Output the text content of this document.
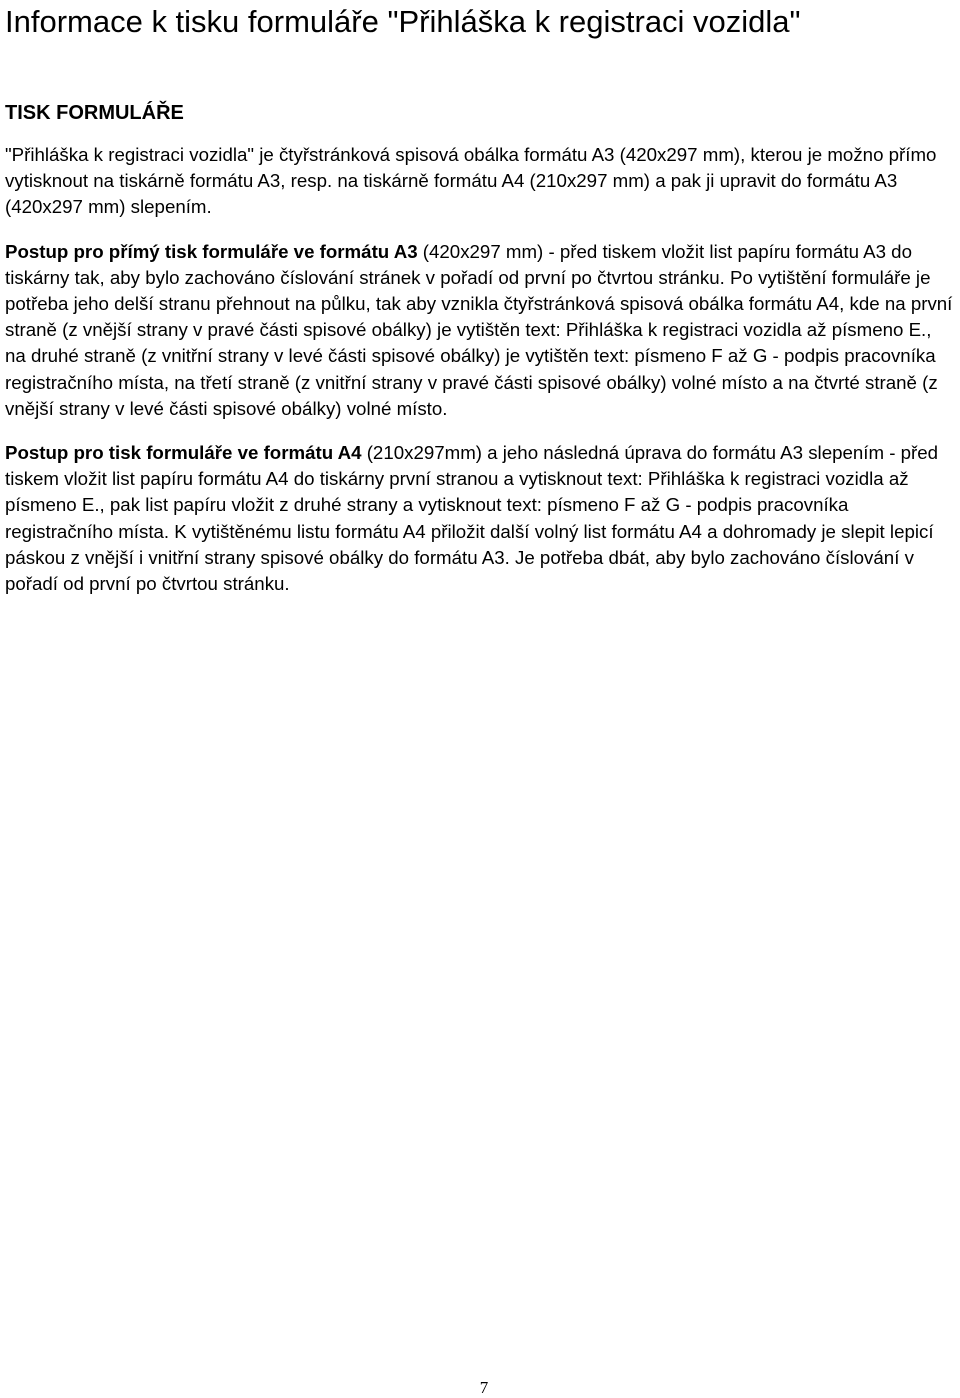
Informace k tisku formuláře "Přihláška k registraci vozidla"
TISK FORMULÁŘE

"Přihláška k registraci vozidla" je čtyřstránková spisová obálka formátu A3 (420x297 mm), kterou je možno přímo vytisknout na tiskárně formátu A3, resp. na tiskárně formátu A4 (210x297 mm) a pak ji upravit do formátu A3 (420x297 mm) slepením.

Postup pro přímý tisk formuláře ve formátu A3 (420x297 mm) - před tiskem vložit list papíru formátu A3 do tiskárny tak, aby bylo zachováno číslování stránek v pořadí od první po čtvrtou stránku. Po vytištění formuláře je potřeba jeho delší stranu přehnout na půlku, tak aby vznikla čtyřstránková spisová obálka formátu A4, kde na první straně (z vnější strany v pravé části spisové obálky) je vytištěn text: Přihláška k registraci vozidla až písmeno E., na druhé straně (z vnitřní strany v levé části spisové obálky) je vytištěn text: písmeno F až G - podpis pracovníka registračního místa, na třetí straně (z vnitřní strany v pravé části spisové obálky) volné místo a na čtvrté straně (z vnější strany v levé části spisové obálky) volné místo.

Postup pro tisk formuláře ve formátu A4 (210x297mm) a jeho následná úprava do formátu A3 slepením - před tiskem vložit list papíru formátu A4 do tiskárny první stranou a vytisknout text: Přihláška k registraci vozidla až písmeno E., pak list papíru vložit z druhé strany a vytisknout text: písmeno F až G - podpis pracovníka registračního místa. K vytištěnému listu formátu A4 přiložit další volný list formátu A4 a dohromady je slepit lepicí páskou z vnější i vnitřní strany spisové obálky do formátu A3. Je potřeba dbát, aby bylo zachováno číslování v pořadí od první po čtvrtou stránku.

7
